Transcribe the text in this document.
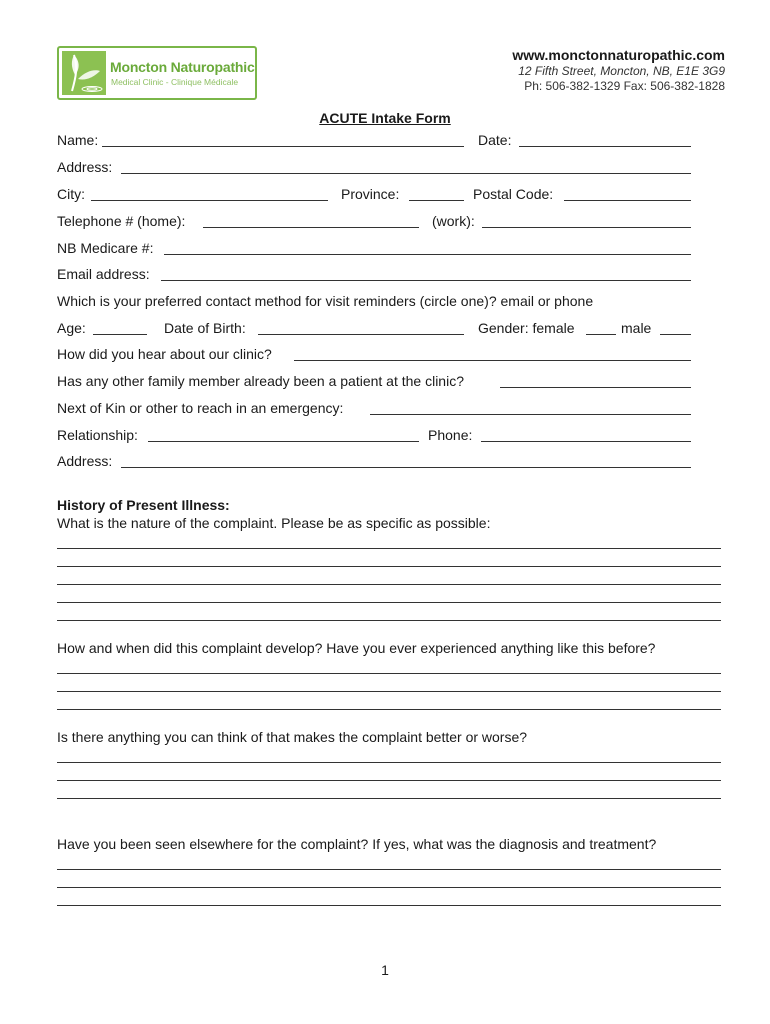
Moncton Naturopathic
Medical Clinic - Clinique Médicale
www.monctonnaturopathic.com
12 Fifth Street, Moncton, NB, E1E 3G9
Ph: 506-382-1329 Fax: 506-382-1828
ACUTE Intake Form
Name:	Date:
Address:
City:	Province:	Postal Code:
Telephone # (home):	(work):
NB Medicare #:
Email address:
Which is your preferred contact method for visit reminders (circle one)? email or phone
Age:	Date of Birth:	Gender: female	male
How did you hear about our clinic?
Has any other family member already been a patient at the clinic?
Next of Kin or other to reach in an emergency:
Relationship:	Phone:
Address:
History of Present Illness:
What is the nature of the complaint. Please be as specific as possible:
How and when did this complaint develop? Have you ever experienced anything like this before?
Is there anything you can think of that makes the complaint better or worse?
Have you been seen elsewhere for the complaint? If yes, what was the diagnosis and treatment?
1
